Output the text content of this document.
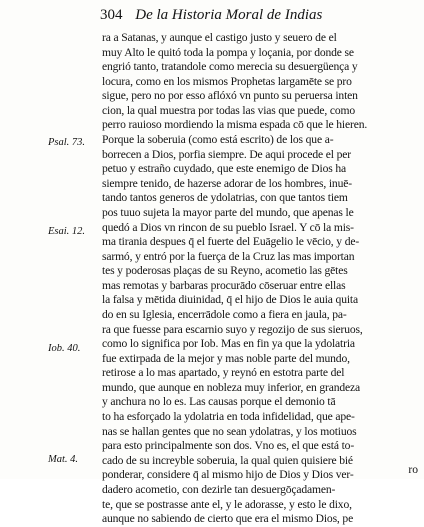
304 De la Historia Moral de Indias
ra a Satanas, y aunque el castigo justo y seuero de el
muy Alto le quitó toda la pompa y loçania, por donde se
engrió tanto, tratandole como merecia su desuergüença y
locura, como en los mismos Prophetas largamēte se pro
sigue, pero no por esso aflóxó vn punto su peruersa inten
cion, la qual muestra por todas las vias que puede, como
perro rauioso mordiendo la misma espada cō que le hieren.
Porque la soberuia (como está escrito) de los que a-
borrecen a Dios, porfia siempre. De aqui procede el per
petuo y estraño cuydado, que este enemigo de Dios ha
siempre tenido, de hazerse adorar de los hombres, inuē-
tando tantos generos de ydolatrias, con que tantos tiem
pos tuuo sujeta la mayor parte del mundo, que apenas le
quedó a Dios vn rincon de su pueblo Israel. Y cō la mis-
ma tirania despues q̄ el fuerte del Euāgelio le vēcio, y de-
sarmó, y entró por la fuerça de la Cruz las mas importan
tes y poderosas plaças de su Reyno, acometio las gētes
mas remotas y barbaras procurādo cōseruar entre ellas
la falsa y mētida diuinidad, q̄ el hijo de Dios le auia quita
do en su Iglesia, encerrādole como a fiera en jaula, pa-
ra que fuesse para escarnio suyo y regozijo de sus sieruos,
como lo significa por Iob. Mas en fin ya que la ydolatria
fue extirpada de la mejor y mas noble parte del mundo,
retirose a lo mas apartado, y reynó en estotra parte del
mundo, que aunque en nobleza muy inferior, en grandeza
y anchura no lo es. Las causas porque el demonio tā
to ha esforçado la ydolatria en toda infidelidad, que ape-
nas se hallan gentes que no sean ydolatras, y los motiuos
para esto principalmente son dos. Vno es, el que está to-
cado de su increyble soberuia, la qual quien quisiere bié
ponderar, considere q̄ al mismo hijo de Dios y Dios ver-
dadero acometio, con dezirle tan desuergōçadamen-
te, que se postrasse ante el, y le adorasse, y esto le dixo,
aunque no sabiendo de cierto que era el mismo Dios, pe
Psal. 73.
Esai. 12.
Iob. 40.
Mat. 4.
ro
